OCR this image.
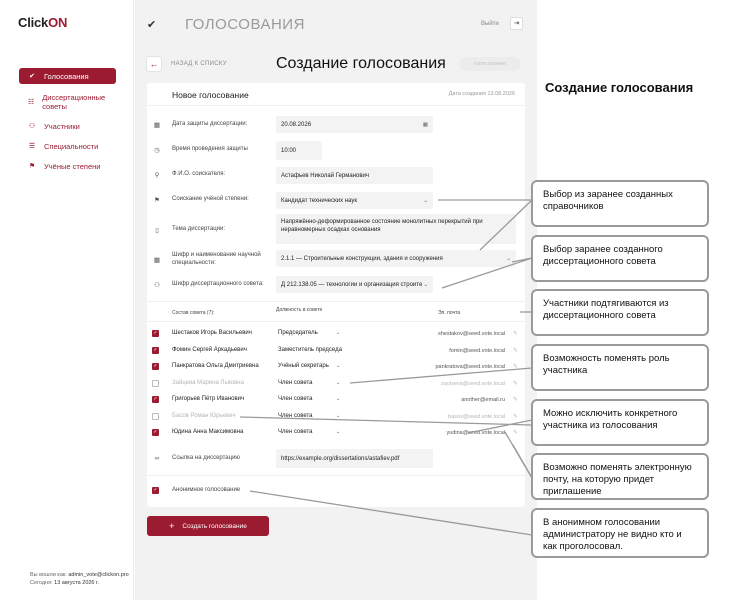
ClickON
✔ Голосования
☷
Диссертационные советы
⚇ Участники
☰ Специальности
⚑ Учёные степени
Вы вошли как: admin_vote@clickon.pro
Сегодня: 13 августа 2026 г.
✔ ГОЛОСОВАНИЯ	Выйти	⇥
←	НАЗАД К СПИСКУ	Создание голосования	голосование
Новое голосование	Дата создания 13.08.2026
▦	Дата защиты диссертации:	20.08.2026	▦
◷	Время проведения защиты	10:00
⚲	Ф.И.О. соискателя:	Астафьев Николай Германович
⚑	Соискание учёной степени:	Кандидат технических наук	⌄
▯	Тема диссертации:
Напряжённо-деформированное состояние монолитных перекрытий при неравномерных осадках основания
▦
Шифр и наименование научной специальности:
2.1.1 — Строительные конструкции, здания и сооружения	⌄
⚇	Шифр диссертационного совета:	Д 212.138.05 — технологии и организация строите ⌄
Состав совета (7):	Должность в совете	Эл. почта
✓ Шестаков Игорь Васильевич	Председатель	⌄	shestakov@seed.vote.local ✎
✓ Фомин Сергей Аркадьевич	Заместитель председа	fomin@seed.vote.local ✎
✓ Панкратова Ольга Дмитриевна	Учёный секретарь ⌄	pankratova@seed.vote.local ✎
Зайцева Марина Львовна	Член совета	⌄	zaytseva@seed.vote.local ✎
✓ Григорьев Пётр Иванович	Член совета	⌄	another@email.ru ✎
Басов Роман Юрьевич	Член совета	⌄	basov@seed.vote.local ✎
✓ Юдина Анна Максимовна	Член совета	⌄	yudina@seed.vote.local ✎
∞	Ссылка на диссертацию	https://example.org/dissertations/astafiev.pdf
✓ Анонимное голосование
+ Создать голосование
Создание голосования
Выбор из заранее созданных справочников
Выбор заранее созданного диссертационного совета
Участники подтягиваются из диссертационного совета
Возможность поменять роль участника
Можно исключить конкретного участника из голосования
Возможно поменять электронную почту, на которую придет приглашение
В анонимном голосовании администратору не видно кто и как проголосовал.
